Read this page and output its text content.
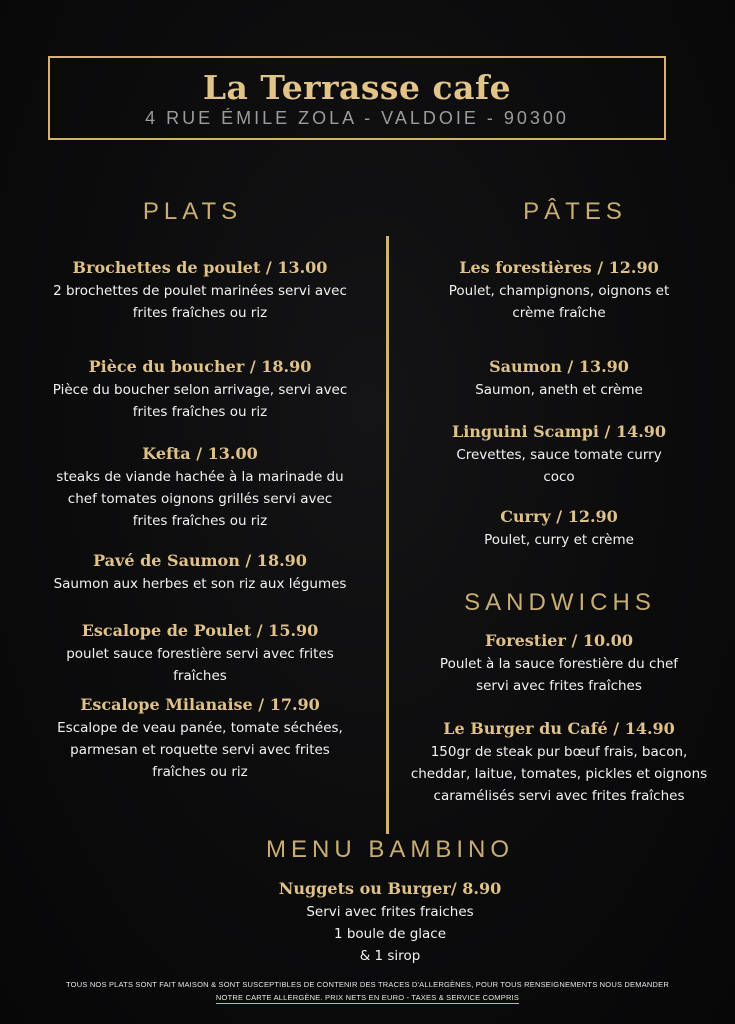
La Terrasse cafe
4 RUE ÉMILE ZOLA - VALDOIE - 90300
PLATS	PÂTES
Brochettes de poulet / 13.00
2 brochettes de poulet marinées servi avec
frites fraîches ou riz
Pièce du boucher / 18.90
Pièce du boucher selon arrivage, servi avec
frites fraîches ou riz
Kefta / 13.00
steaks de viande hachée à la marinade du
chef tomates oignons grillés servi avec
frites fraîches ou riz
Pavé de Saumon / 18.90
Saumon aux herbes et son riz aux légumes
Escalope de Poulet / 15.90
poulet sauce forestière servi avec frites
fraîches
Escalope Milanaise / 17.90
Escalope de veau panée, tomate séchées,
parmesan et roquette servi avec frites
fraîches ou riz
Les forestières / 12.90
Poulet, champignons, oignons et
crème fraîche
Saumon / 13.90
Saumon, aneth et crème
Linguini Scampi / 14.90
Crevettes, sauce tomate curry
coco
Curry / 12.90
Poulet, curry et crème
SANDWICHS
Forestier / 10.00
Poulet à la sauce forestière du chef
servi avec frites fraîches
Le Burger du Café / 14.90
150gr de steak pur bœuf frais, bacon,
cheddar, laitue, tomates, pickles et oignons
caramélisés servi avec frites fraîches
MENU BAMBINO
Nuggets ou Burger/ 8.90
Servi avec frites fraiches
1 boule de glace
& 1 sirop
TOUS NOS PLATS SONT FAIT MAISON & SONT SUSCEPTIBLES DE CONTENIR DES TRACES D'ALLERGÈNES, POUR TOUS RENSEIGNEMENTS NOUS DEMANDER
NOTRE CARTE ALLERGÈNE. PRIX NETS EN EURO - TAXES & SERVICE COMPRIS
